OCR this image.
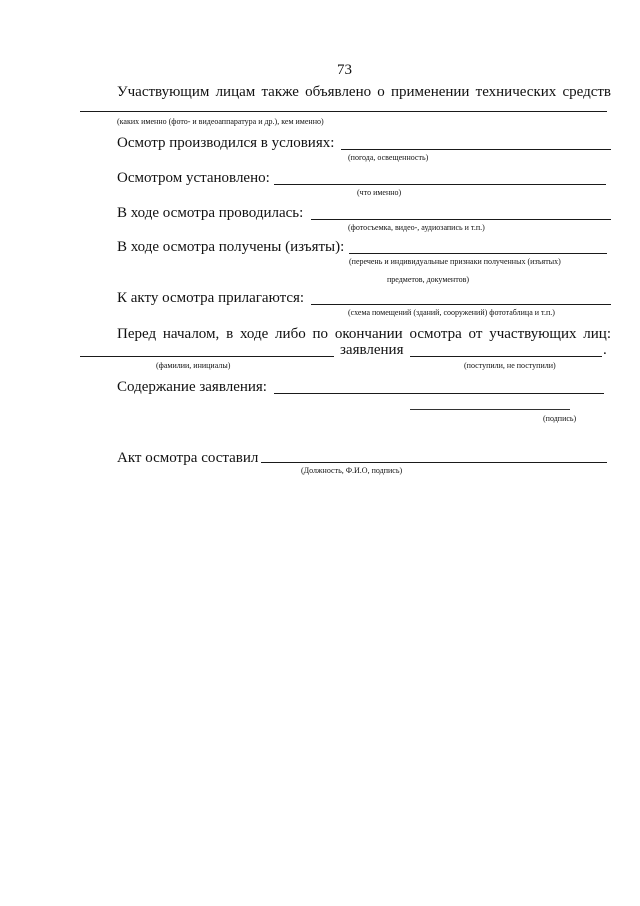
73
Участвующим лицам также объявлено о применении технических средств
(каких именно (фото- и видеоаппаратура и др.), кем именно)
Осмотр производился в условиях:
(погода, освещенность)
Осмотром установлено:
(что именно)
В ходе осмотра проводилась:
(фотосъемка, видео-, аудиозапись и т.п.)
В ходе осмотра получены (изъяты):
(перечень и индивидуальные признаки полученных (изъятых)
предметов, документов)
К акту осмотра прилагаются:
(схема помещений (зданий, сооружений) фототаблица и т.п.)
Перед началом, в ходе либо по окончании осмотра от участвующих лиц:
заявления	.
(фамилии, инициалы)	(поступили, не поступили)
Содержание заявления:
(подпись)
Акт осмотра составил
(Должность, Ф.И.О, подпись)
